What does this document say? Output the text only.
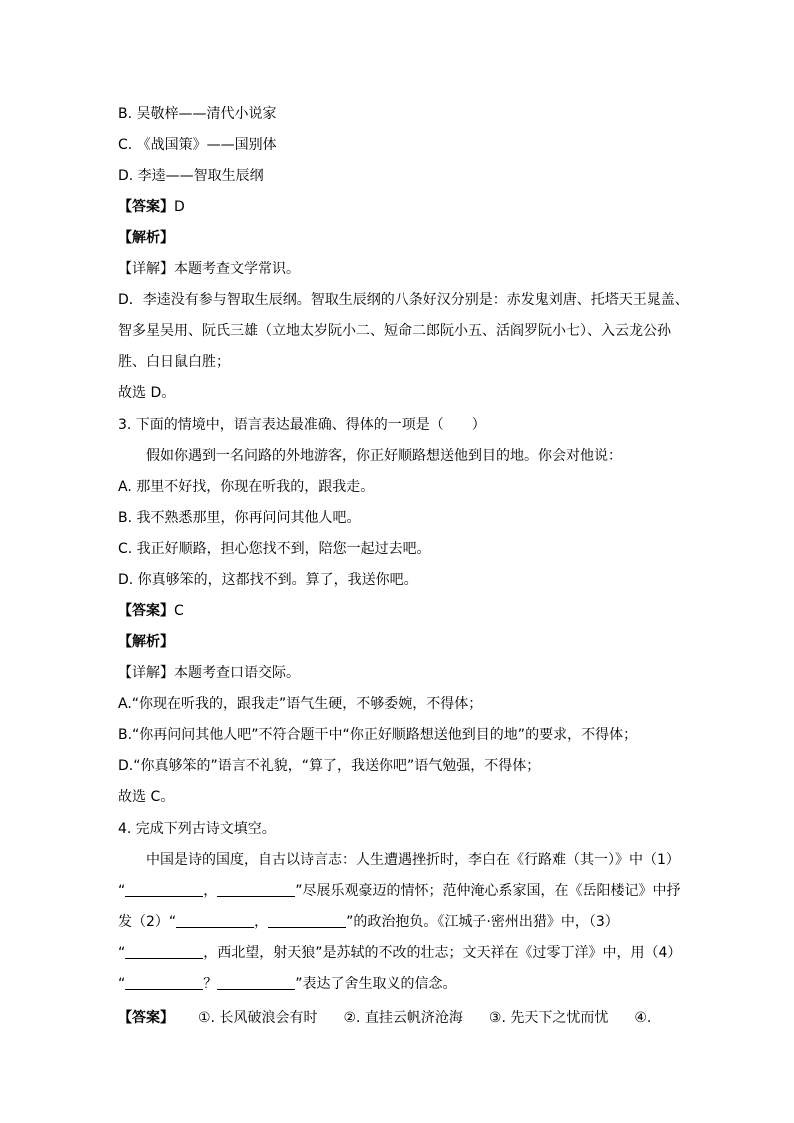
B. 吴敬梓——清代小说家
C. 《战国策》——国别体
D. 李逵——智取生辰纲
【答案】D
【解析】
【详解】本题考查文学常识。
D．李逵没有参与智取生辰纲。智取生辰纲的八条好汉分别是：赤发鬼刘唐、托塔天王晁盖、
智多星吴用、阮氏三雄（立地太岁阮小二、短命二郎阮小五、活阎罗阮小七）、入云龙公孙
胜、白日鼠白胜；
故选 D。
3. 下面的情境中，语言表达最准确、得体的一项是（　　）
假如你遇到一名问路的外地游客，你正好顺路想送他到目的地。你会对他说：
A. 那里不好找，你现在听我的，跟我走。
B. 我不熟悉那里，你再问问其他人吧。
C. 我正好顺路，担心您找不到，陪您一起过去吧。
D. 你真够笨的，这都找不到。算了，我送你吧。
【答案】C
【解析】
【详解】本题考查口语交际。
A.“你现在听我的，跟我走”语气生硬，不够委婉，不得体；
B.“你再问问其他人吧”不符合题干中“你正好顺路想送他到目的地”的要求，不得体；
D.“你真够笨的”语言不礼貌，“算了，我送你吧”语气勉强，不得体；
故选 C。
4. 完成下列古诗文填空。
中国是诗的国度，自古以诗言志：人生遭遇挫折时，李白在《行路难（其一）》中（1）
“	，	”尽展乐观豪迈的情怀；范仲淹心系家国，在《岳阳楼记》中抒
发（2）“	，	”的政治抱负。《江城子·密州出猎》中，（3）
“	，西北望，射天狼”是苏轼的不改的壮志；文天祥在《过零丁洋》中，用（4）
“	？	”表达了舍生取义的信念。
【答案】 ①. 长风破浪会有时 ②. 直挂云帆济沧海 ③. 先天下之忧而忧 ④.
